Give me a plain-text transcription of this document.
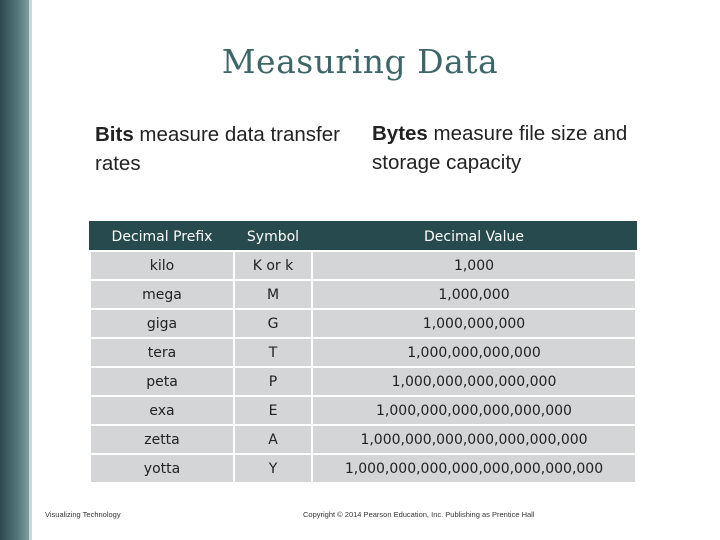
Measuring Data
Bits measure data transfer rates
Bytes measure file size and storage capacity
Decimal Prefix	Symbol	Decimal Value
kilo	K or k	1,000
mega	M	1,000,000
giga	G	1,000,000,000
tera	T	1,000,000,000,000
peta	P	1,000,000,000,000,000
exa	E	1,000,000,000,000,000,000
zetta	A	1,000,000,000,000,000,000,000
yotta	Y	1,000,000,000,000,000,000,000,000
Visualizing Technology	Copyright © 2014 Pearson Education, Inc. Publishing as Prentice Hall
